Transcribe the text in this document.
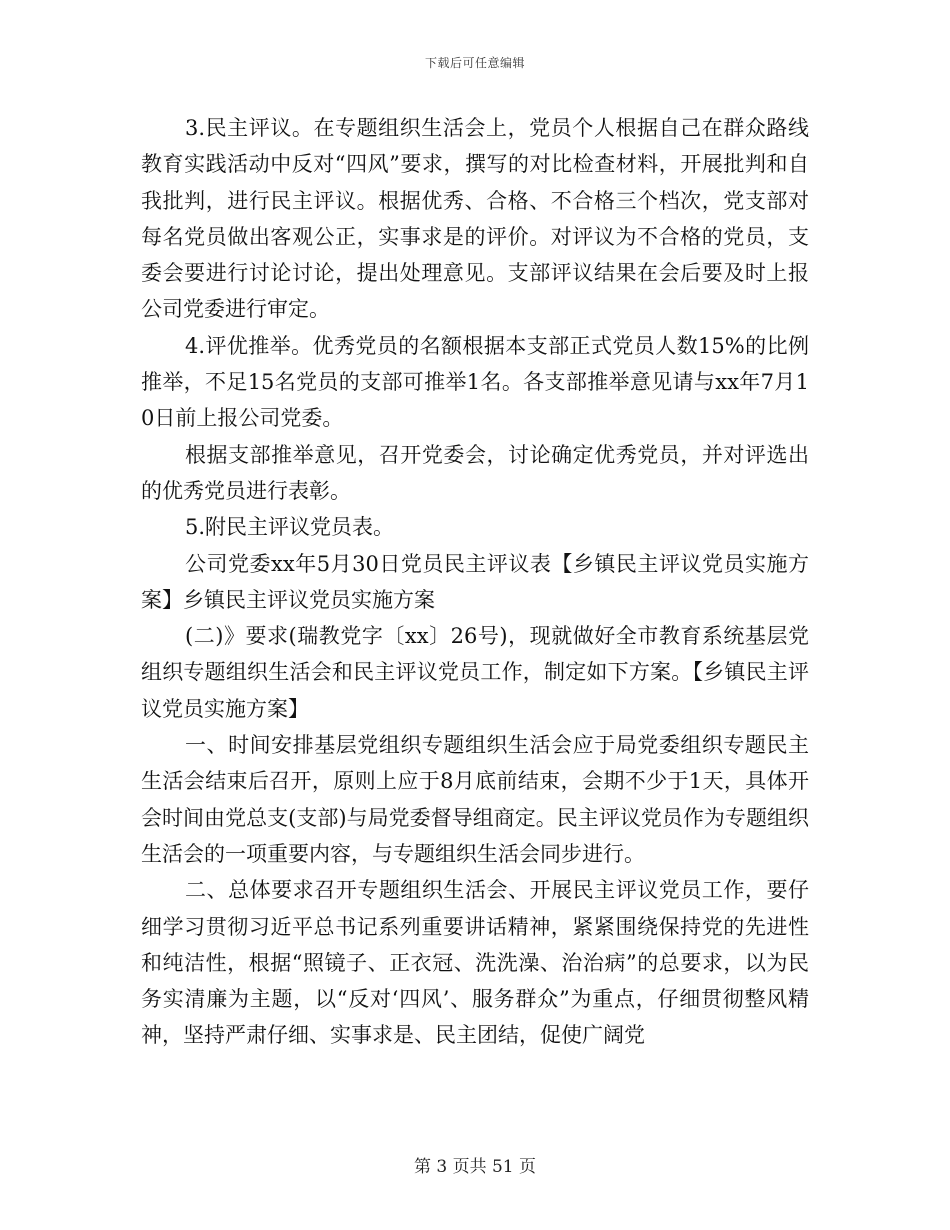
下载后可任意编辑

3.民主评议。在专题组织生活会上，党员个人根据自己在群众路线教育实践活动中反对“四风”要求，撰写的对比检查材料，开展批判和自我批判，进行民主评议。根据优秀、合格、不合格三个档次，党支部对每名党员做出客观公正，实事求是的评价。对评议为不合格的党员，支委会要进行讨论讨论，提出处理意见。支部评议结果在会后要及时上报公司党委进行审定。

4.评优推举。优秀党员的名额根据本支部正式党员人数15%的比例推举，不足15名党员的支部可推举1名。各支部推举意见请与xx年7月10日前上报公司党委。

根据支部推举意见，召开党委会，讨论确定优秀党员，并对评选出的优秀党员进行表彰。

5.附民主评议党员表。

公司党委xx年5月30日党员民主评议表【乡镇民主评议党员实施方案】乡镇民主评议党员实施方案

(二)》要求(瑞教党字〔xx〕26号)，现就做好全市教育系统基层党组织专题组织生活会和民主评议党员工作，制定如下方案。【乡镇民主评议党员实施方案】

一、时间安排基层党组织专题组织生活会应于局党委组织专题民主生活会结束后召开，原则上应于8月底前结束，会期不少于1天，具体开会时间由党总支(支部)与局党委督导组商定。民主评议党员作为专题组织生活会的一项重要内容，与专题组织生活会同步进行。

二、总体要求召开专题组织生活会、开展民主评议党员工作，要仔细学习贯彻习近平总书记系列重要讲话精神，紧紧围绕保持党的先进性和纯洁性，根据“照镜子、正衣冠、洗洗澡、治治病”的总要求，以为民务实清廉为主题，以“反对‘四风’、服务群众”为重点，仔细贯彻整风精神，坚持严肃仔细、实事求是、民主团结，促使广阔党

第 3 页共 51 页
